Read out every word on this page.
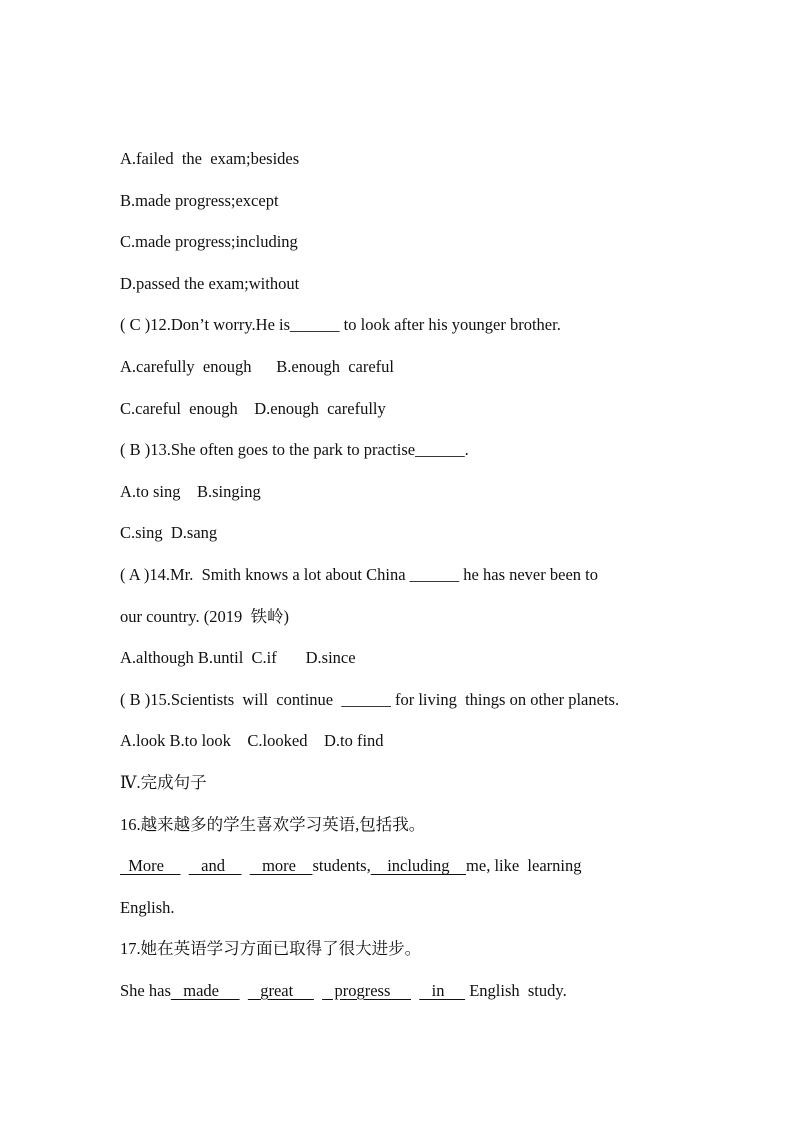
A.failed  the  exam;besides
B.made progress;except
C.made progress;including
D.passed the exam;without
( C )12.Don’t worry.He is______ to look after his younger brother.
A.carefully  enough      B.enough  careful
C.careful  enough    D.enough  carefully
( B )13.She often goes to the park to practise______.
A.to sing    B.singing
C.sing  D.sang
( A )14.Mr.  Smith knows a lot about China ______ he has never been to
our country. (2019  铁岭)
A.although B.until  C.if       D.since
( B )15.Scientists  will  continue  ______ for living  things on other planets.
A.look B.to look    C.looked    D.to find
Ⅳ.完成句子
16.越来越多的学生喜欢学习英语,包括我。
More         and         more    students,    including    me, like  learning
English.
17.她在英语学习方面已取得了很大进步。
She has   made          great          progress          in      English  study.
